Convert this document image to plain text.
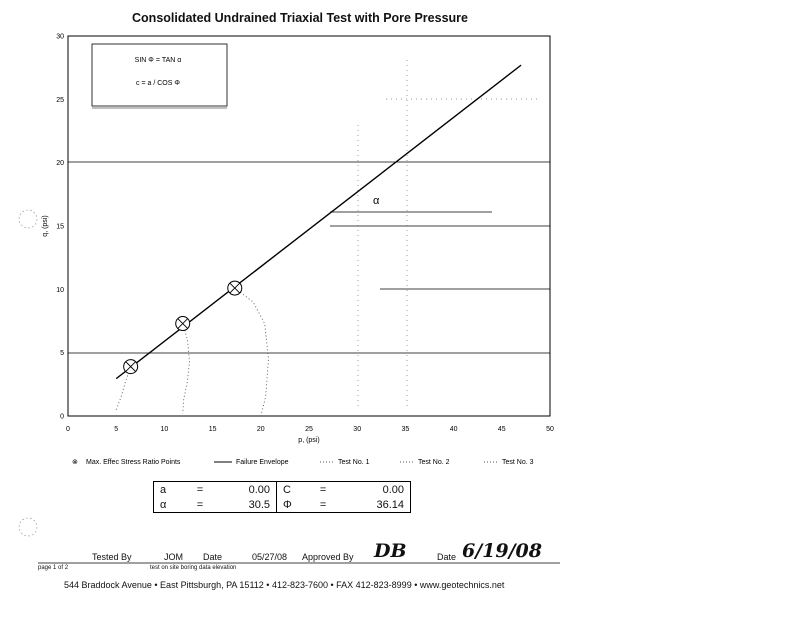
Consolidated Undrained Triaxial Test with Pore Pressure
0	5	10	15	20	25	30	35	40	45	50
0
5
10
15
20
25
30
p, (psi)
q, (psi)
SIN Φ = TAN α
c = a / COS Φ
α
⊗ Max. Effec Stress Ratio Points	Failure Envelope	Test No. 1	Test No. 2	Test No. 3
a	=	0.00	C	=	0.00
α	=	30.5	Φ	=	36.14
Tested By	JOM Date	05/27/08 Approved By DB	Date 6/19/08
page 1 of 2	test on site boring data elevation
544 Braddock Avenue • East Pittsburgh, PA 15112 • 412-823-7600 • FAX 412-823-8999 • www.geotechnics.net
